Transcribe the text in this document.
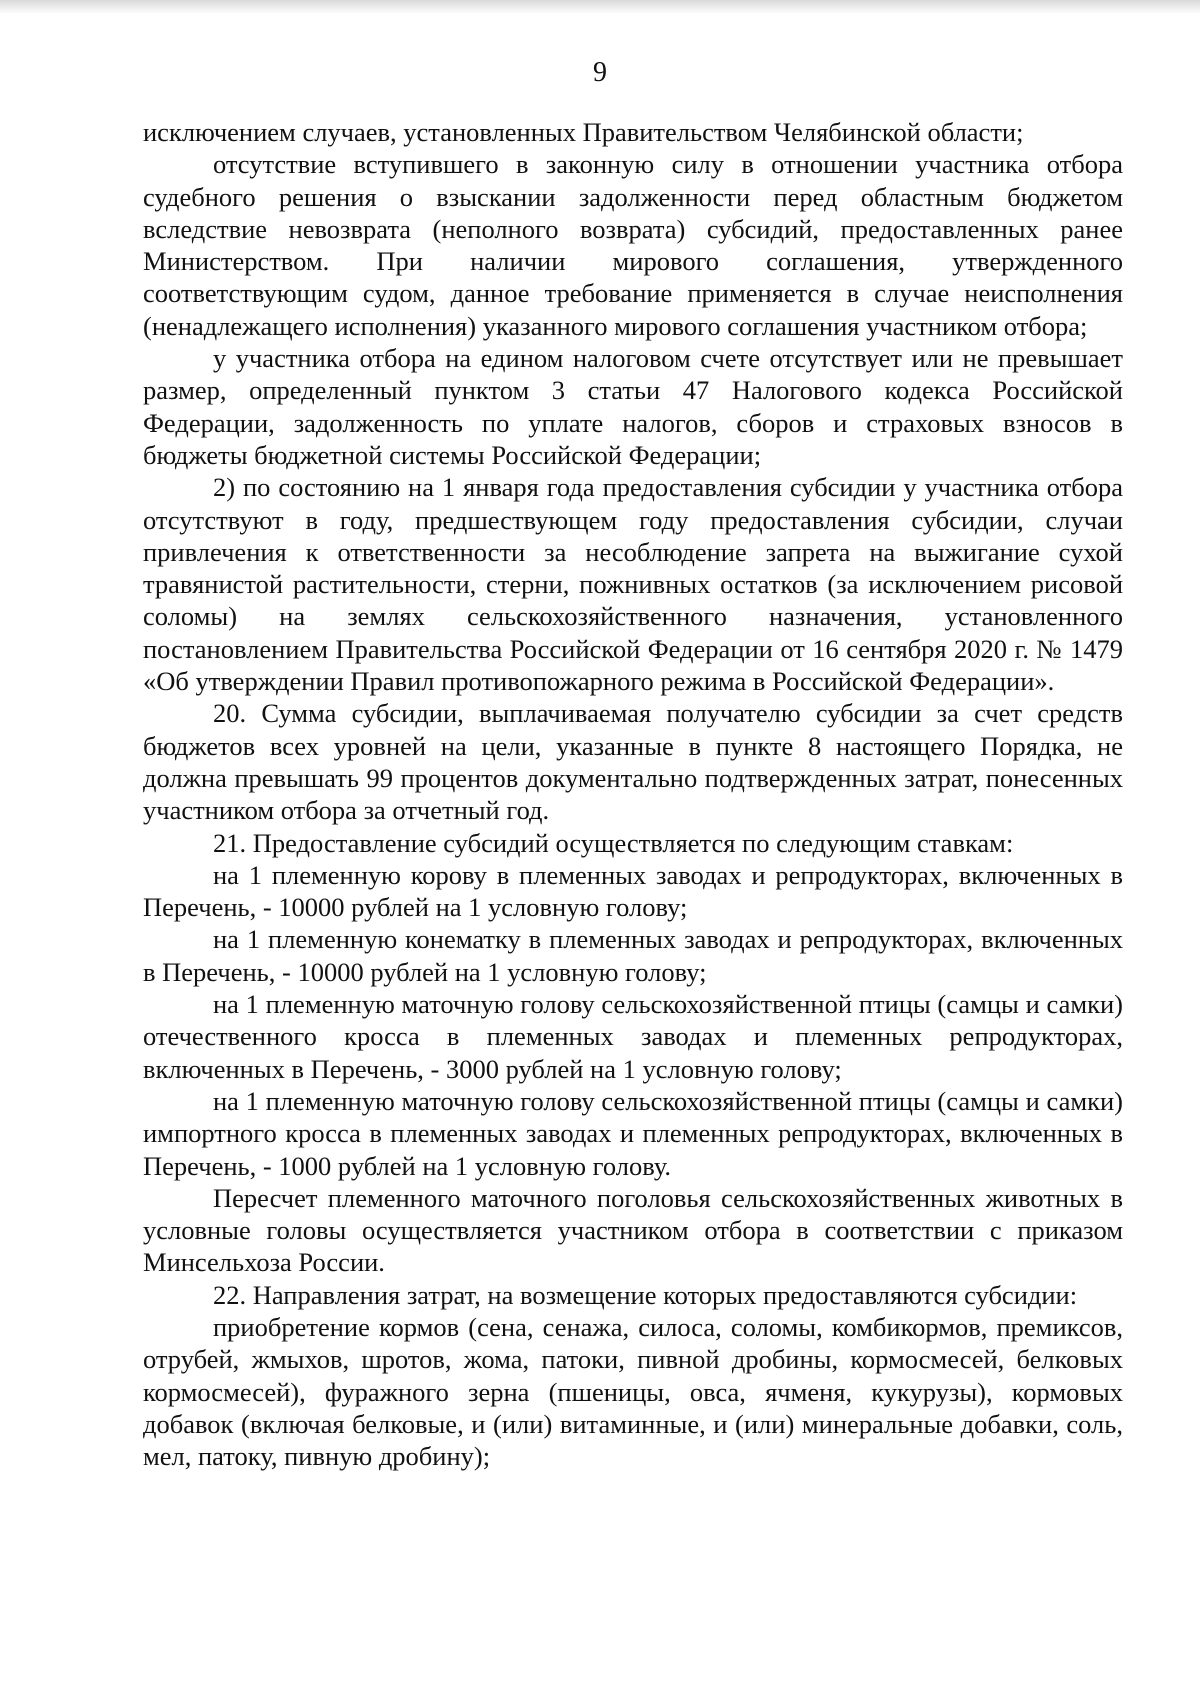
9

исключением случаев, установленных Правительством Челябинской области;

отсутствие вступившего в законную силу в отношении участника отбора судебного решения о взыскании задолженности перед областным бюджетом вследствие невозврата (неполного возврата) субсидий, предоставленных ранее Министерством. При наличии мирового соглашения, утвержденного соответствующим судом, данное требование применяется в случае неисполнения (ненадлежащего исполнения) указанного мирового соглашения участником отбора;

у участника отбора на едином налоговом счете отсутствует или не превышает размер, определенный пунктом 3 статьи 47 Налогового кодекса Российской Федерации, задолженность по уплате налогов, сборов и страховых взносов в бюджеты бюджетной системы Российской Федерации;

2) по состоянию на 1 января года предоставления субсидии у участника отбора отсутствуют в году, предшествующем году предоставления субсидии, случаи привлечения к ответственности за несоблюдение запрета на выжигание сухой травянистой растительности, стерни, пожнивных остатков (за исключением рисовой соломы) на землях сельскохозяйственного назначения, установленного постановлением Правительства Российской Федерации от 16 сентября 2020 г. № 1479 «Об утверждении Правил противопожарного режима в Российской Федерации».

20. Сумма субсидии, выплачиваемая получателю субсидии за счет средств бюджетов всех уровней на цели, указанные в пункте 8 настоящего Порядка, не должна превышать 99 процентов документально подтвержденных затрат, понесенных участником отбора за отчетный год.

21. Предоставление субсидий осуществляется по следующим ставкам:

на 1 племенную корову в племенных заводах и репродукторах, включенных в Перечень, - 10000 рублей на 1 условную голову;

на 1 племенную конематку в племенных заводах и репродукторах, включенных в Перечень, - 10000 рублей на 1 условную голову;

на 1 племенную маточную голову сельскохозяйственной птицы (самцы и самки) отечественного кросса в племенных заводах и племенных репродукторах, включенных в Перечень, - 3000 рублей на 1 условную голову;

на 1 племенную маточную голову сельскохозяйственной птицы (самцы и самки) импортного кросса в племенных заводах и племенных репродукторах, включенных в Перечень, - 1000 рублей на 1 условную голову.

Пересчет племенного маточного поголовья сельскохозяйственных животных в условные головы осуществляется участником отбора в соответствии с приказом Минсельхоза России.

22. Направления затрат, на возмещение которых предоставляются субсидии:

приобретение кормов (сена, сенажа, силоса, соломы, комбикормов, премиксов, отрубей, жмыхов, шротов, жома, патоки, пивной дробины, кормосмесей, белковых кормосмесей), фуражного зерна (пшеницы, овса, ячменя, кукурузы), кормовых добавок (включая белковые, и (или) витаминные, и (или) минеральные добавки, соль, мел, патоку, пивную дробину);
